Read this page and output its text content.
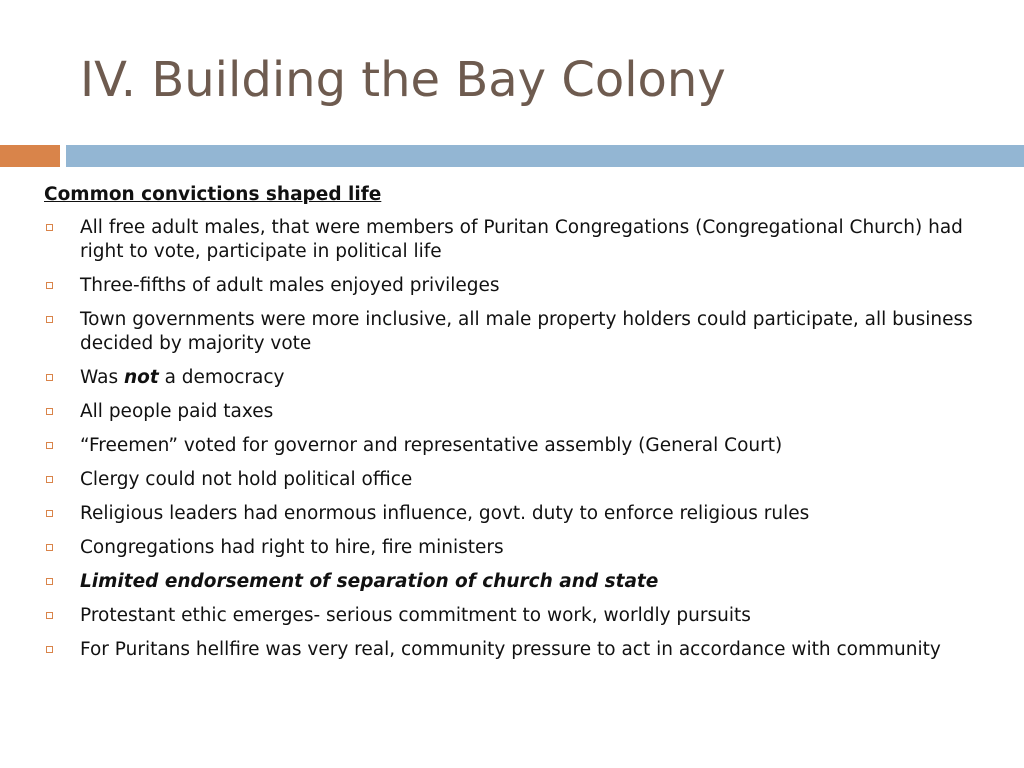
IV. Building the Bay Colony
Common convictions shaped life
All free adult males, that were members of Puritan Congregations (Congregational Church) had right to vote, participate in political life
Three-fifths of adult males enjoyed privileges
Town governments were more inclusive, all male property holders could participate, all business decided by majority vote
Was not a democracy
All people paid taxes
“Freemen” voted for governor and representative assembly (General Court)
Clergy could not hold political office
Religious leaders had enormous influence, govt. duty to enforce religious rules
Congregations had right to hire, fire ministers
Limited endorsement of separation of church and state
Protestant ethic emerges- serious commitment to work, worldly pursuits
For Puritans hellfire was very real, community pressure to act in accordance with community
